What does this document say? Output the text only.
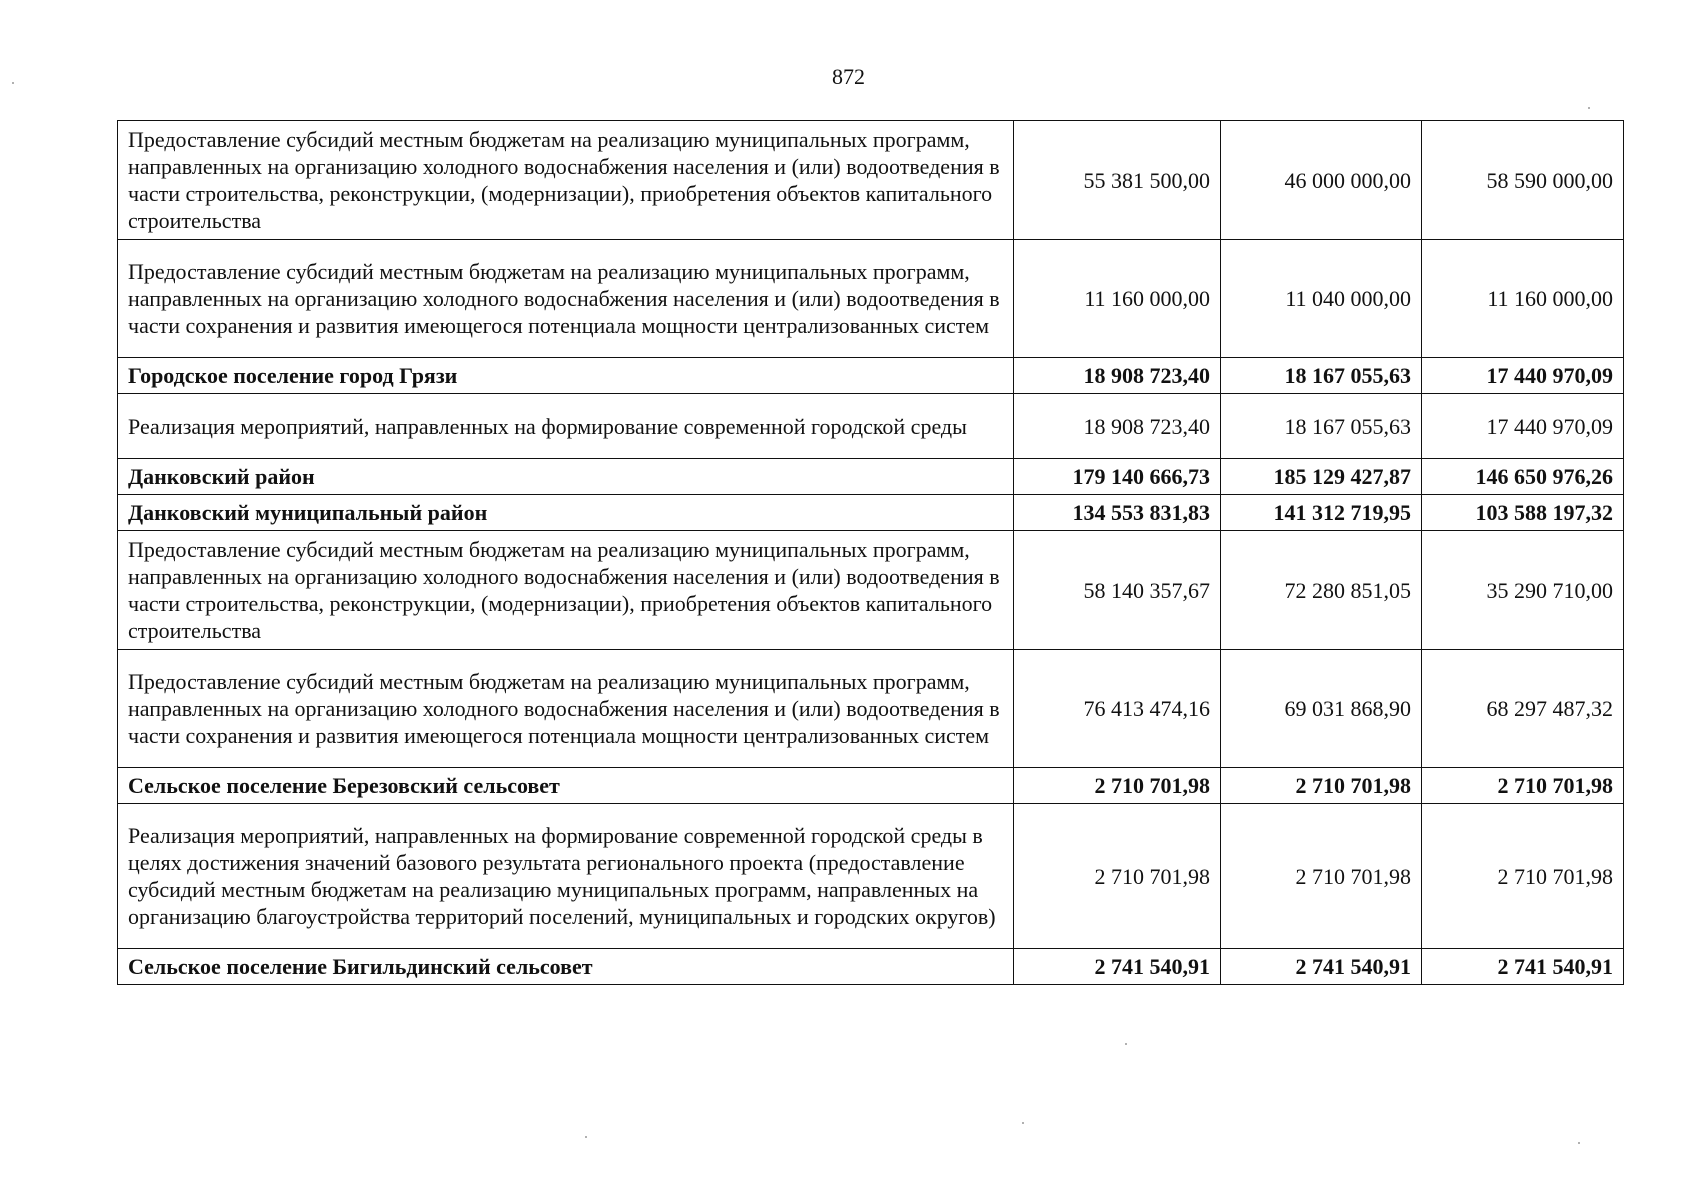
872
Предоставление субсидий местным бюджетам на реализацию муниципальных программ, направленных на организацию холодного водоснабжения населения и (или) водоотведения в части строительства, реконструкции, (модернизации), приобретения объектов капитального строительства	55 381 500,00	46 000 000,00	58 590 000,00
Предоставление субсидий местным бюджетам на реализацию муниципальных программ, направленных на организацию холодного водоснабжения населения и (или) водоотведения в части сохранения и развития имеющегося потенциала мощности централизованных систем	11 160 000,00	11 040 000,00	11 160 000,00
Городское поселение город Грязи	18 908 723,40	18 167 055,63	17 440 970,09
Реализация мероприятий, направленных на формирование современной городской среды	18 908 723,40	18 167 055,63	17 440 970,09
Данковский район	179 140 666,73	185 129 427,87	146 650 976,26
Данковский муниципальный район	134 553 831,83	141 312 719,95	103 588 197,32
Предоставление субсидий местным бюджетам на реализацию муниципальных программ, направленных на организацию холодного водоснабжения населения и (или) водоотведения в части строительства, реконструкции, (модернизации), приобретения объектов капитального строительства	58 140 357,67	72 280 851,05	35 290 710,00
Предоставление субсидий местным бюджетам на реализацию муниципальных программ, направленных на организацию холодного водоснабжения населения и (или) водоотведения в части сохранения и развития имеющегося потенциала мощности централизованных систем	76 413 474,16	69 031 868,90	68 297 487,32
Сельское поселение Березовский сельсовет	2 710 701,98	2 710 701,98	2 710 701,98
Реализация мероприятий, направленных на формирование современной городской среды в целях достижения значений базового результата регионального проекта (предоставление субсидий местным бюджетам на реализацию муниципальных программ, направленных на организацию благоустройства территорий поселений, муниципальных и городских округов)	2 710 701,98	2 710 701,98	2 710 701,98
Сельское поселение Бигильдинский сельсовет	2 741 540,91	2 741 540,91	2 741 540,91
